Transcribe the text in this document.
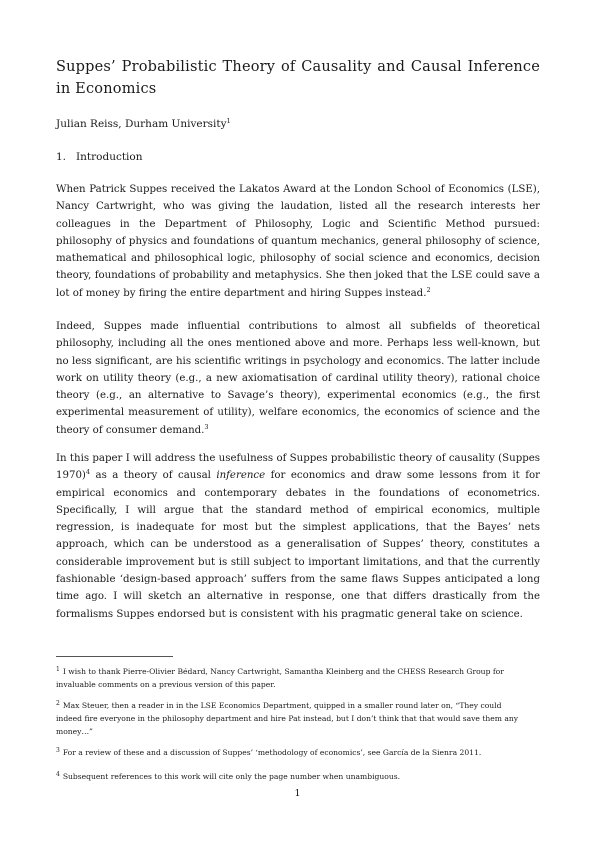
Suppes’ Probabilistic Theory of Causality and Causal Inference in Economics
Julian Reiss, Durham University$^1$
1. Introduction

When Patrick Suppes received the Lakatos Award at the London School of Economics (LSE), Nancy Cartwright, who was giving the laudation, listed all the research interests her colleagues in the Department of Philosophy, Logic and Scientific Method pursued: philosophy of physics and foundations of quantum mechanics, general philosophy of science, mathematical and philosophical logic, philosophy of social science and economics, decision theory, foundations of probability and metaphysics. She then joked that the LSE could save a lot of money by firing the entire department and hiring Suppes instead.$^2$

Indeed, Suppes made influential contributions to almost all subfields of theoretical philosophy, including all the ones mentioned above and more. Perhaps less well-known, but no less significant, are his scientific writings in psychology and economics. The latter include work on utility theory (e.g., a new axiomatisation of cardinal utility theory), rational choice theory (e.g., an alternative to Savage’s theory), experimental economics (e.g., the first experimental measurement of utility), welfare economics, the economics of science and the theory of consumer demand.$^3$

In this paper I will address the usefulness of Suppes probabilistic theory of causality (Suppes 1970)$^4$ as a theory of causal inference for economics and draw some lessons from it for empirical economics and contemporary debates in the foundations of econometrics. Specifically, I will argue that the standard method of empirical economics, multiple regression, is inadequate for most but the simplest applications, that the Bayes’ nets approach, which can be understood as a generalisation of Suppes’ theory, constitutes a considerable improvement but is still subject to important limitations, and that the currently fashionable ‘design-based approach’ suffers from the same flaws Suppes anticipated a long time ago. I will sketch an alternative in response, one that differs drastically from the formalisms Suppes endorsed but is consistent with his pragmatic general take on science.

$^1$ I wish to thank Pierre-Olivier Bédard, Nancy Cartwright, Samantha Kleinberg and the CHESS Research Group for invaluable comments on a previous version of this paper.

$^2$ Max Steuer, then a reader in in the LSE Economics Department, quipped in a smaller round later on, “They could indeed fire everyone in the philosophy department and hire Pat instead, but I don’t think that that would save them any money…”

$^3$ For a review of these and a discussion of Suppes’ ‘methodology of economics’, see García de la Sienra 2011.

$^4$ Subsequent references to this work will cite only the page number when unambiguous.

1
